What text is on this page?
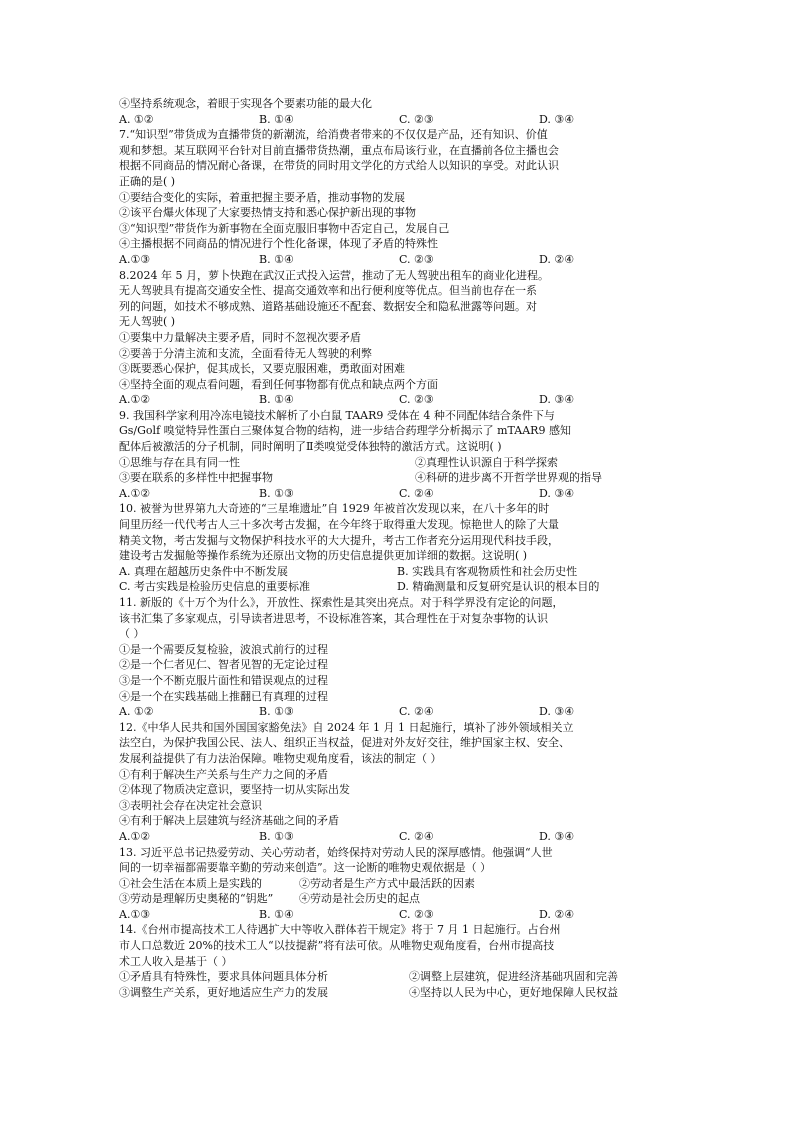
④坚持系统观念，着眼于实现各个要素功能的最大化
A. ①②	B. ①④	C. ②③	D. ③④
7.“知识型”带货成为直播带货的新潮流，给消费者带来的不仅仅是产品，还有知识、价值
观和梦想。某互联网平台针对目前直播带货热潮，重点布局该行业，在直播前各位主播也会
根据不同商品的情况耐心备课，在带货的同时用文学化的方式给人以知识的享受。对此认识
正确的是( )
①要结合变化的实际，着重把握主要矛盾，推动事物的发展
②该平台爆火体现了大家要热情支持和悉心保护新出现的事物
③“知识型”带货作为新事物在全面克服旧事物中否定自己，发展自己
④主播根据不同商品的情况进行个性化备课，体现了矛盾的特殊性
A.①③	B. ①④	C. ②③	D. ②④
8.2024 年 5 月，萝卜快跑在武汉正式投入运营，推动了无人驾驶出租车的商业化进程。
无人驾驶具有提高交通安全性、提高交通效率和出行便利度等优点。但当前也存在一系
列的问题，如技术不够成熟、道路基础设施还不配套、数据安全和隐私泄露等问题。对
无人驾驶( )
①要集中力量解决主要矛盾，同时不忽视次要矛盾
②要善于分清主流和支流，全面看待无人驾驶的利弊
③既要悉心保护，促其成长，又要克服困难，勇敢面对困难
④坚持全面的观点看问题，看到任何事物都有优点和缺点两个方面
A.①②	B. ①④	C. ②③	D. ③④
9. 我国科学家利用冷冻电镜技术解析了小白鼠 TAAR9 受体在 4 种不同配体结合条件下与
Gs/Golf 嗅觉特异性蛋白三聚体复合物的结构，进一步结合药理学分析揭示了 mTAAR9 感知
配体后被激活的分子机制，同时阐明了Ⅱ类嗅觉受体独特的激活方式。这说明( )
①思维与存在具有同一性	②真理性认识源自于科学探索
③要在联系的多样性中把握事物	④科研的进步离不开哲学世界观的指导
A.①②	B. ①③	C. ②④	D. ③④
10. 被誉为世界第九大奇迹的“三星堆遗址”自 1929 年被首次发现以来，在八十多年的时
间里历经一代代考古人三十多次考古发掘，在今年终于取得重大发现。惊艳世人的除了大量
精美文物，考古发掘与文物保护科技水平的大大提升，考古工作者充分运用现代科技手段，
建设考古发掘舱等操作系统为还原出文物的历史信息提供更加详细的数据。这说明( )
A. 真理在超越历史条件中不断发展	B. 实践具有客观物质性和社会历史性
C. 考古实践是检验历史信息的重要标准	D. 精确测量和反复研究是认识的根本目的
11. 新版的《十万个为什么》，开放性、探索性是其突出亮点。对于科学界没有定论的问题，
该书汇集了多家观点，引导读者进思考，不设标准答案，其合理性在于对复杂事物的认识
（ ）
①是一个需要反复检验，波浪式前行的过程
②是一个仁者见仁、智者见智的无定论过程
③是一个不断克服片面性和错误观点的过程
④是一个在实践基础上推翻已有真理的过程
A. ①②	B. ①③	C. ②④	D. ③④
12.《中华人民共和国外国国家豁免法》自 2024 年 1 月 1 日起施行，填补了涉外领域相关立
法空白，为保护我国公民、法人、组织正当权益，促进对外友好交往，维护国家主权、安全、
发展利益提供了有力法治保障。唯物史观角度看，该法的制定（ ）
①有利于解决生产关系与生产力之间的矛盾
②体现了物质决定意识，要坚持一切从实际出发
③表明社会存在决定社会意识
④有利于解决上层建筑与经济基础之间的矛盾
A.①②	B. ①③	C. ②④	D. ③④
13. 习近平总书记热爱劳动、关心劳动者，始终保持对劳动人民的深厚感情。他强调“人世
间的一切幸福都需要靠辛勤的劳动来创造”。这一论断的唯物史观依据是（ ）
①社会生活在本质上是实践的	②劳动者是生产方式中最活跃的因素
③劳动是理解历史奥秘的“钥匙” ④劳动是社会历史的起点
A.①③	B. ①④	C. ②③	D. ②④
14.《台州市提高技术工人待遇扩大中等收入群体若干规定》将于 7 月 1 日起施行。占台州
市人口总数近 20%的技术工人“以技提薪”将有法可依。从唯物史观角度看，台州市提高技
术工人收入是基于（ ）
①矛盾具有特殊性，要求具体问题具体分析	②调整上层建筑，促进经济基础巩固和完善
③调整生产关系，更好地适应生产力的发展	④坚持以人民为中心，更好地保障人民权益
